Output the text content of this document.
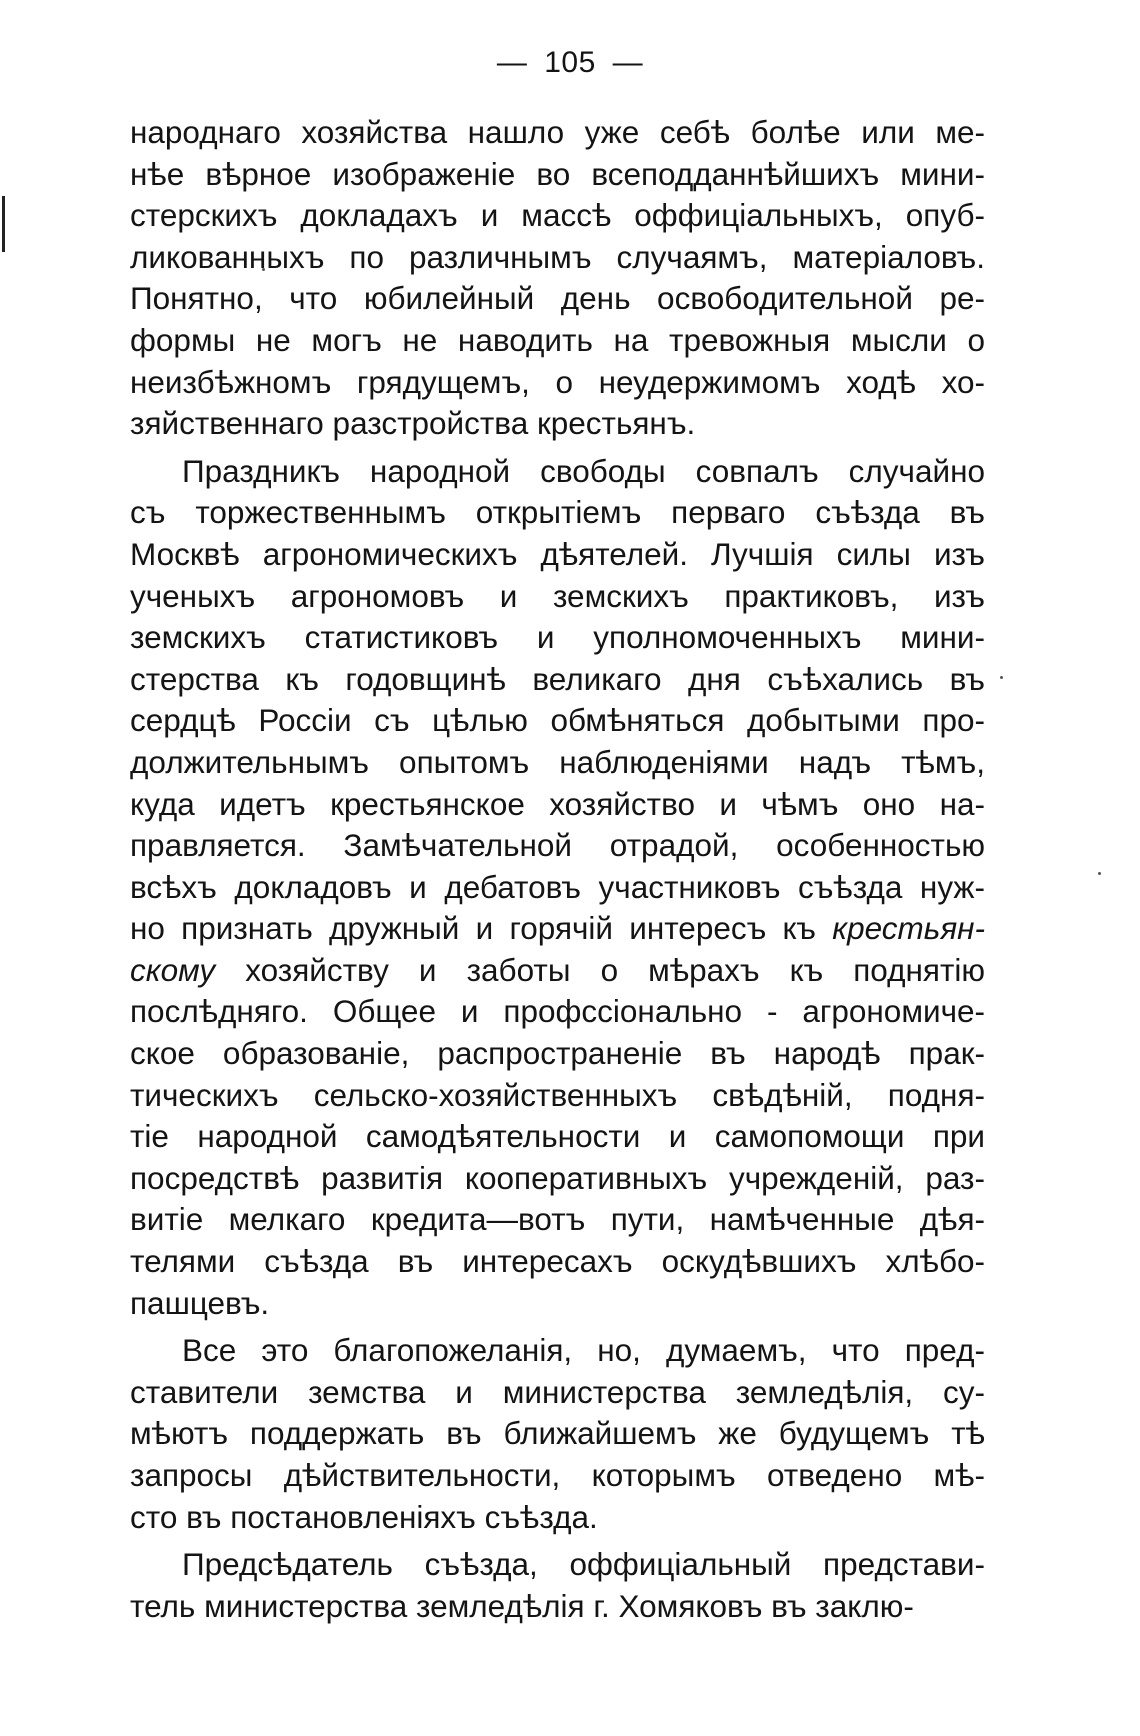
— 105 —
народнаго хозяйства нашло уже себѣ болѣе или ме-
нѣе вѣрное изображеніе во всеподданнѣйшихъ мини-
стерскихъ докладахъ и массѣ оффиціальныхъ, опуб-
ликованныхъ по различнымъ случаямъ, матеріаловъ.
Понятно, что юбилейный день освободительной ре-
формы не могъ не наводить на тревожныя мысли о
неизбѣжномъ грядущемъ, о неудержимомъ ходѣ хо-
зяйственнаго разстройства крестьянъ.
Праздникъ народной свободы совпалъ случайно
съ торжественнымъ открытіемъ перваго съѣзда въ
Москвѣ агрономическихъ дѣятелей. Лучшія силы изъ
ученыхъ агрономовъ и земскихъ практиковъ, изъ
земскихъ статистиковъ и уполномоченныхъ мини-
стерства къ годовщинѣ великаго дня съѣхались въ
сердцѣ Россіи съ цѣлью обмѣняться добытыми про-
должительнымъ опытомъ наблюденіями надъ тѣмъ,
куда идетъ крестьянское хозяйство и чѣмъ оно на-
правляется. Замѣчательной отрадой, особенностью
всѣхъ докладовъ и дебатовъ участниковъ съѣзда нуж-
но признать дружный и горячій интересъ къ крестьян-
скому хозяйству и заботы о мѣрахъ къ поднятію
послѣдняго. Общее и профссіонально - агрономиче-
ское образованіе, распространеніе въ народѣ прак-
тическихъ сельско-хозяйственныхъ свѣдѣній, подня-
тіе народной самодѣятельности и самопомощи при
посредствѣ развитія кооперативныхъ учрежденій, раз-
витіе мелкаго кредита—вотъ пути, намѣченные дѣя-
телями съѣзда въ интересахъ оскудѣвшихъ хлѣбо-
пашцевъ.
Все это благопожеланія, но, думаемъ, что пред-
ставители земства и министерства земледѣлія, су-
мѣютъ поддержать въ ближайшемъ же будущемъ тѣ
запросы дѣйствительности, которымъ отведено мѣ-
сто въ постановленіяхъ съѣзда.
Предсѣдатель съѣзда, оффиціальный представи-
тель министерства земледѣлія г. Хомяковъ въ заклю-
